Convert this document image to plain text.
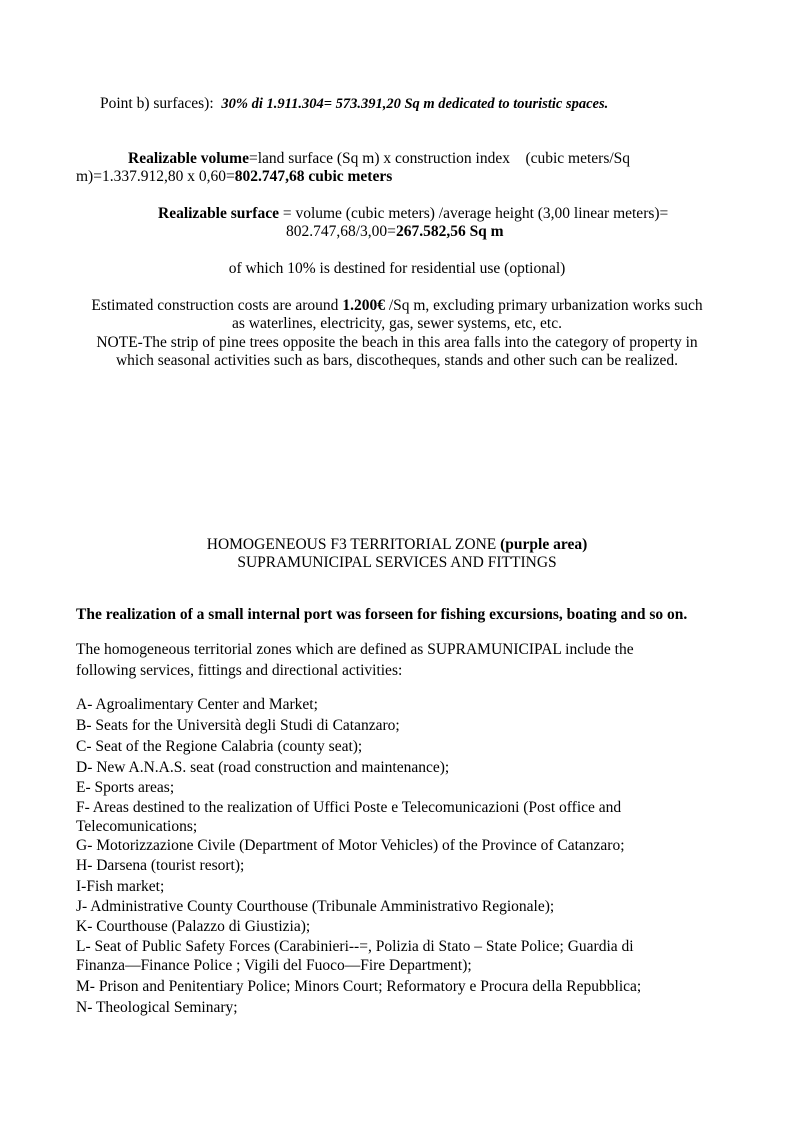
Point b) surfaces): 30% di 1.911.304= 573.391,20 Sq m dedicated to touristic spaces.
Realizable volume=land surface (Sq m) x construction index    (cubic meters/Sq
m)=1.337.912,80 x 0,60=802.747,68 cubic meters
Realizable surface = volume (cubic meters) /average height (3,00 linear meters)=
802.747,68/3,00=267.582,56 Sq m
of which 10% is destined for residential use (optional)
Estimated construction costs are around 1.200€ /Sq m, excluding primary urbanization works such
as waterlines, electricity, gas, sewer systems, etc, etc.
NOTE-The strip of pine trees opposite the beach in this area falls into the category of property in
which seasonal activities such as bars, discotheques, stands and other such can be realized.
HOMOGENEOUS F3 TERRITORIAL ZONE (purple area)
SUPRAMUNICIPAL SERVICES AND FITTINGS
The realization of a small internal port was forseen for fishing excursions, boating and so on.
The homogeneous territorial zones which are defined as SUPRAMUNICIPAL include the
following services, fittings and directional activities:
A- Agroalimentary Center and Market;
B- Seats for the Università degli Studi di Catanzaro;
C- Seat of the Regione Calabria (county seat);
D- New A.N.A.S. seat (road construction and maintenance);
E- Sports areas;
F- Areas destined to the realization of Uffici Poste e Telecomunicazioni (Post office and
Telecomunications;
G- Motorizzazione Civile (Department of Motor Vehicles) of the Province of Catanzaro;
H- Darsena (tourist resort);
I-Fish market;
J- Administrative County Courthouse (Tribunale Amministrativo Regionale);
K- Courthouse (Palazzo di Giustizia);
L- Seat of Public Safety Forces (Carabinieri--=, Polizia di Stato – State Police; Guardia di
Finanza—Finance Police ; Vigili del Fuoco—Fire Department);
M- Prison and Penitentiary Police; Minors Court; Reformatory e Procura della Repubblica;
N- Theological Seminary;
